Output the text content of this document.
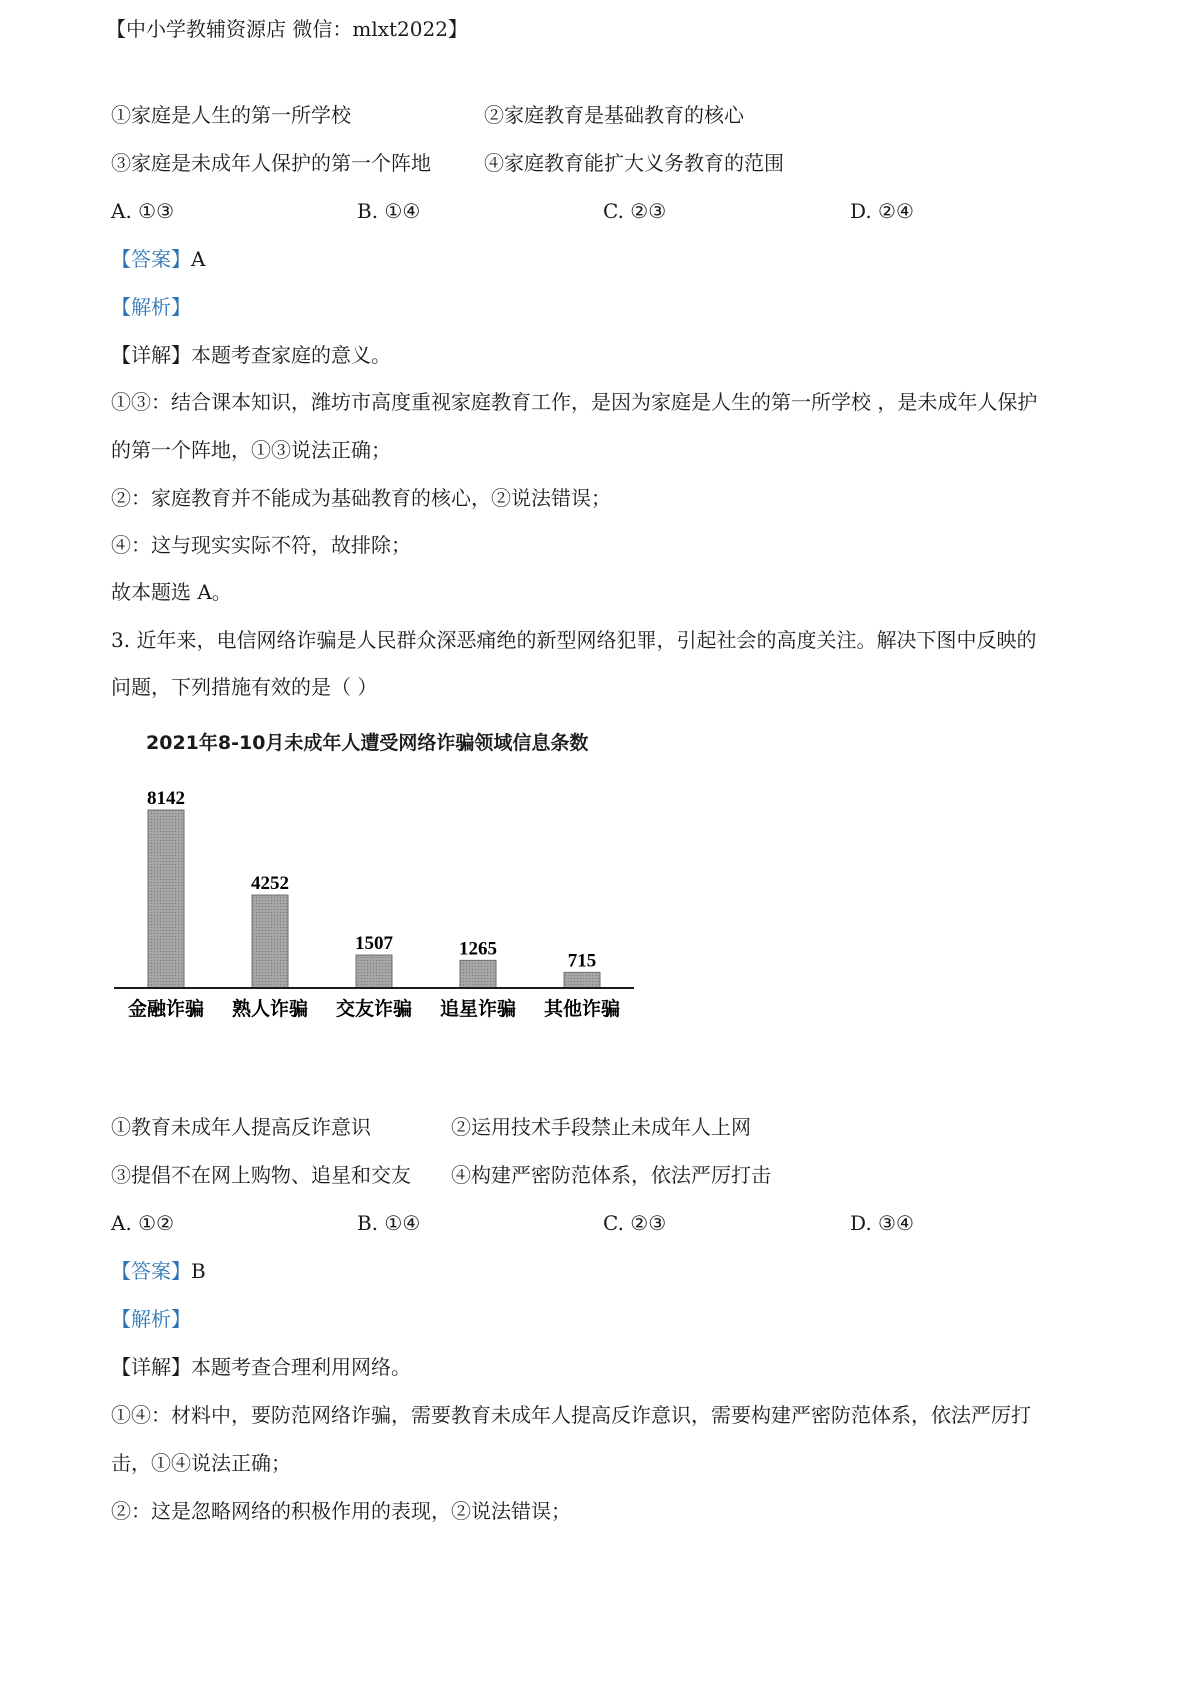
【中小学教辅资源店 微信：mlxt2022】
①家庭是人生的第一所学校	②家庭教育是基础教育的核心
③家庭是未成年人保护的第一个阵地	④家庭教育能扩大义务教育的范围
A. ①③	B. ①④	C. ②③	D. ②④
【答案】A
【解析】
【详解】本题考查家庭的意义。
①③：结合课本知识，潍坊市高度重视家庭教育工作，是因为家庭是人生的第一所学校 ，是未成年人保护
的第一个阵地，①③说法正确；
②：家庭教育并不能成为基础教育的核心，②说法错误；
④：这与现实实际不符，故排除；
故本题选 A。
3. 近年来，电信网络诈骗是人民群众深恶痛绝的新型网络犯罪，引起社会的高度关注。解决下图中反映的
问题，下列措施有效的是（ ）
2021年8-10月未成年人遭受网络诈骗领域信息条数
8142
金融诈骗
4252
熟人诈骗
1507
交友诈骗
1265
追星诈骗
715
其他诈骗
①教育未成年人提高反诈意识	②运用技术手段禁止未成年人上网
③提倡不在网上购物、追星和交友 ④构建严密防范体系，依法严厉打击
A. ①②	B. ①④	C. ②③	D. ③④
【答案】B
【解析】
【详解】本题考查合理利用网络。
①④：材料中，要防范网络诈骗，需要教育未成年人提高反诈意识，需要构建严密防范体系，依法严厉打
击，①④说法正确；
②：这是忽略网络的积极作用的表现，②说法错误；
